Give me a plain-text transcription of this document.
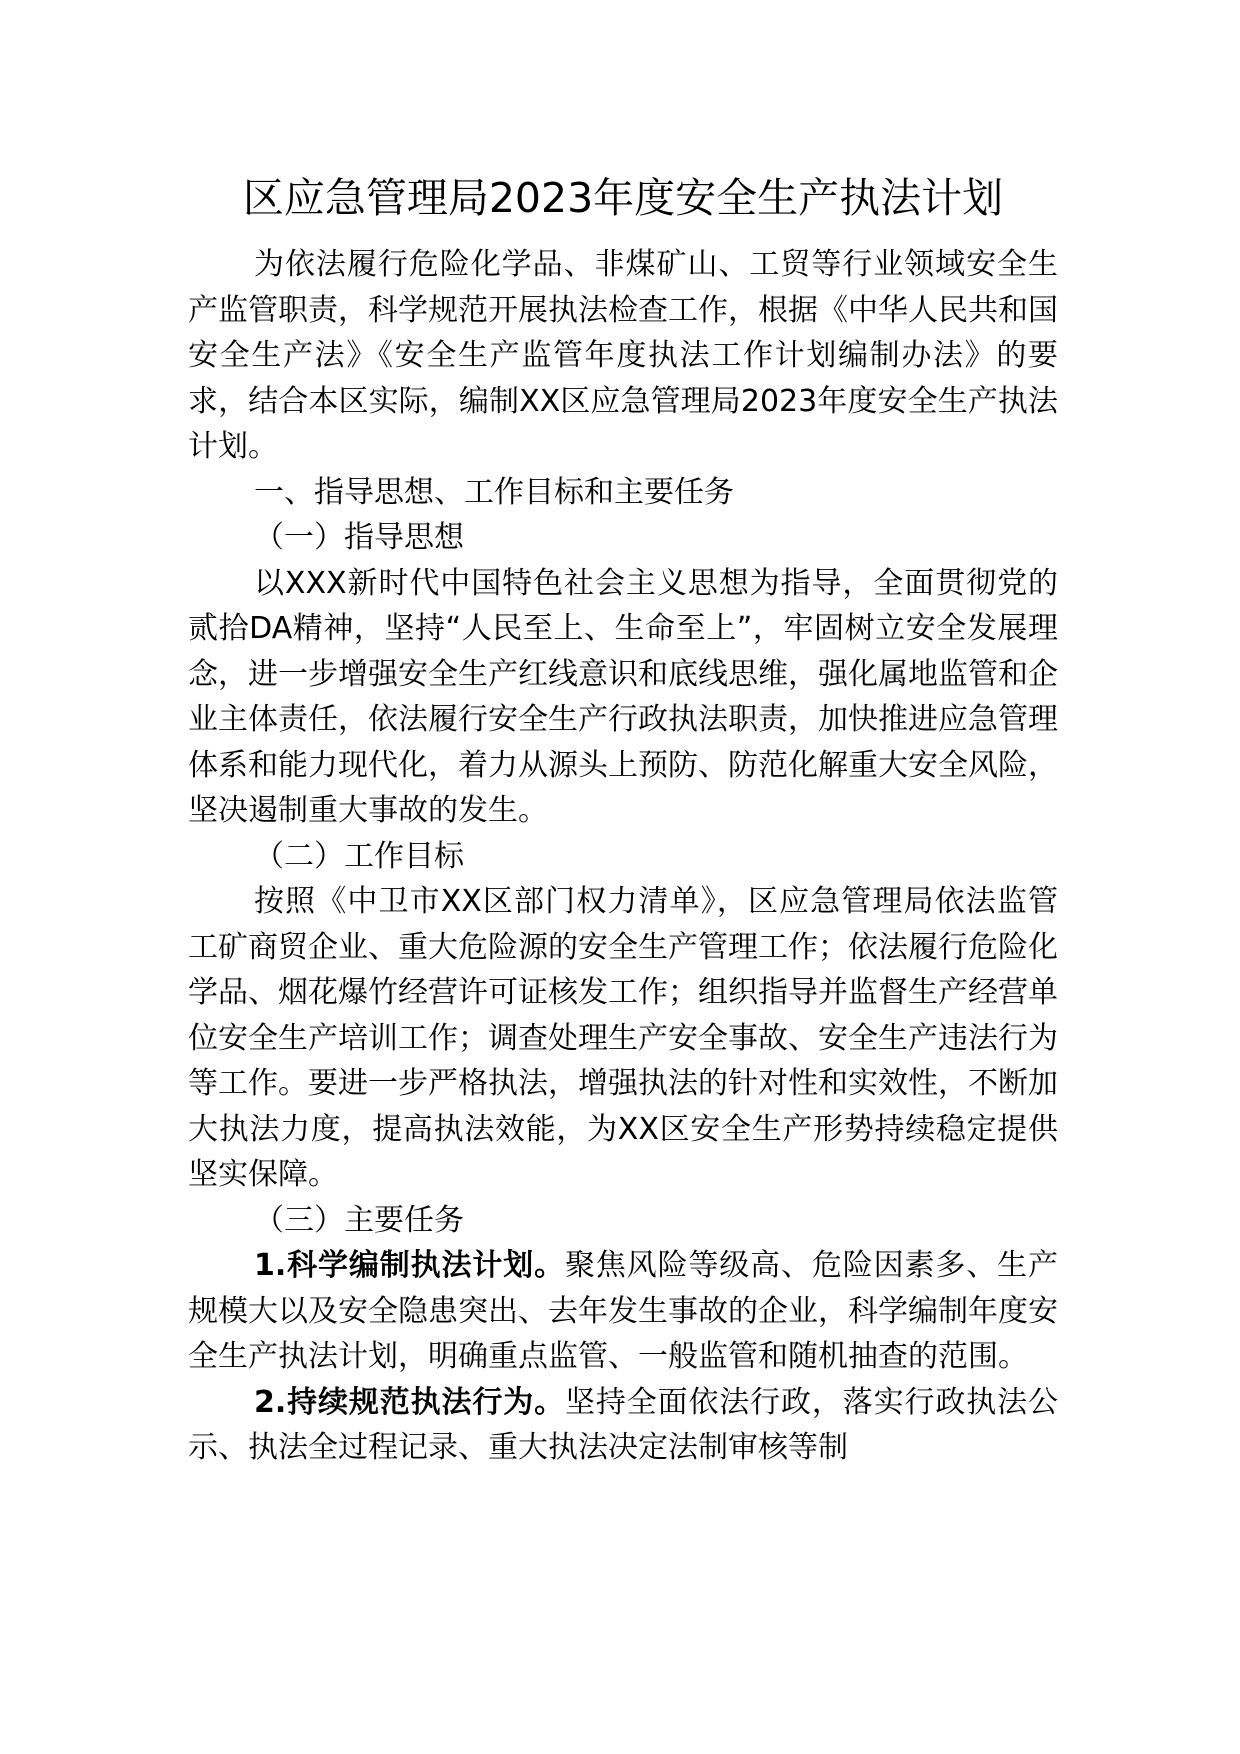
区应急管理局2023年度安全生产执法计划

为依法履行危险化学品、非煤矿山、工贸等行业领域安全生产监管职责，科学规范开展执法检查工作，根据《中华人民共和国安全生产法》《安全生产监管年度执法工作计划编制办法》的要求，结合本区实际，编制XX区应急管理局2023年度安全生产执法计划。

一、指导思想、工作目标和主要任务

（一）指导思想

以XXX新时代中国特色社会主义思想为指导，全面贯彻党的贰拾DA精神，坚持“人民至上、生命至上”，牢固树立安全发展理念，进一步增强安全生产红线意识和底线思维，强化属地监管和企业主体责任，依法履行安全生产行政执法职责，加快推进应急管理体系和能力现代化，着力从源头上预防、防范化解重大安全风险，坚决遏制重大事故的发生。

（二）工作目标

按照《中卫市XX区部门权力清单》，区应急管理局依法监管工矿商贸企业、重大危险源的安全生产管理工作；依法履行危险化学品、烟花爆竹经营许可证核发工作；组织指导并监督生产经营单位安全生产培训工作；调查处理生产安全事故、安全生产违法行为等工作。要进一步严格执法，增强执法的针对性和实效性，不断加大执法力度，提高执法效能，为XX区安全生产形势持续稳定提供坚实保障。

（三）主要任务

1.科学编制执法计划。聚焦风险等级高、危险因素多、生产规模大以及安全隐患突出、去年发生事故的企业，科学编制年度安全生产执法计划，明确重点监管、一般监管和随机抽查的范围。

2.持续规范执法行为。坚持全面依法行政，落实行政执法公示、执法全过程记录、重大执法决定法制审核等制
